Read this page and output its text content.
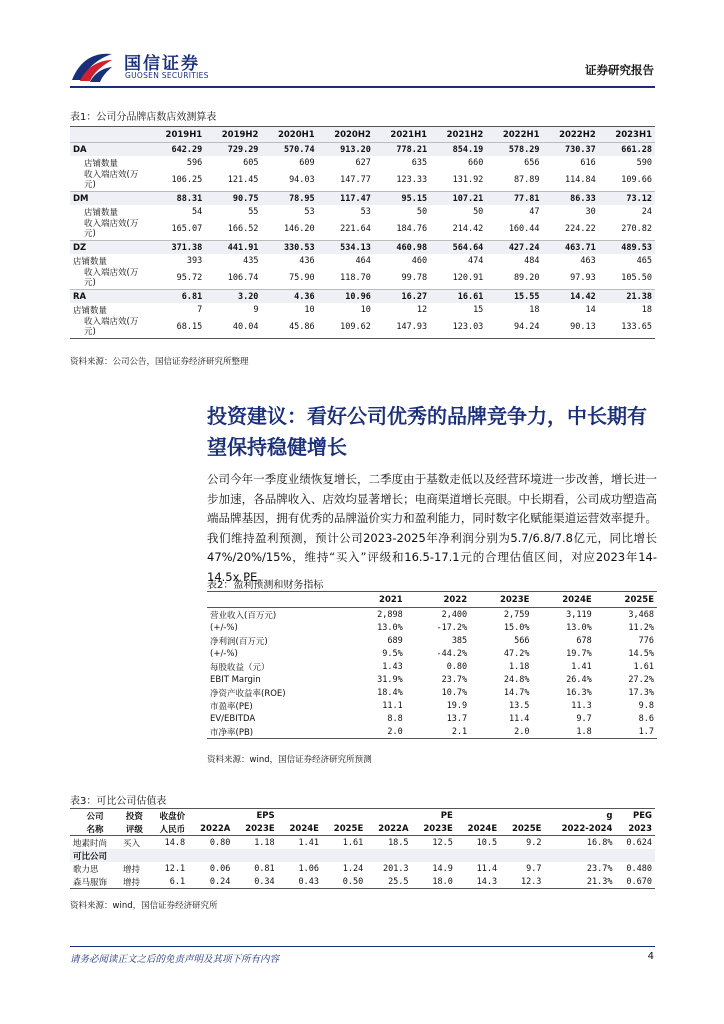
国信证券
GUOSEN SECURITIES	证券研究报告
表1：公司分品牌店数店效测算表
	2019H1	2019H2	2020H1	2020H2	2021H1	2021H2	2022H1	2022H2	2023H1
DA	642.29	729.29	570.74	913.20	778.21	854.19	578.29	730.37	661.28
店铺数量	596	605	609	627	635	660	656	616	590
收入端店效(万元)	106.25	121.45	94.03	147.77	123.33	131.92	87.89	114.84	109.66
DM	88.31	90.75	78.95	117.47	95.15	107.21	77.81	86.33	73.12
店铺数量	54	55	53	53	50	50	47	30	24
收入端店效(万元)	165.07	166.52	146.20	221.64	184.76	214.42	160.44	224.22	270.82
DZ	371.38	441.91	330.53	534.13	460.98	564.64	427.24	463.71	489.53
店铺数量	393	435	436	464	460	474	484	463	465
收入端店效(万元)	95.72	106.74	75.90	118.70	99.78	120.91	89.20	97.93	105.50
RA	6.81	3.20	4.36	10.96	16.27	16.61	15.55	14.42	21.38
店铺数量	7	9	10	10	12	15	18	14	18
收入端店效(万元)	68.15	40.04	45.86	109.62	147.93	123.03	94.24	90.13	133.65
资料来源：公司公告，国信证券经济研究所整理
投资建议：看好公司优秀的品牌竞争力，中长期有望保持稳健增长
公司今年一季度业绩恢复增长，二季度由于基数走低以及经营环境进一步改善，增长进一步加速，各品牌收入、店效均显著增长；电商渠道增长亮眼。中长期看，公司成功塑造高端品牌基因，拥有优秀的品牌溢价实力和盈利能力，同时数字化赋能渠道运营效率提升。我们维持盈利预测，预计公司2023-2025年净利润分别为5.7/6.8/7.8亿元，同比增长47%/20%/15%，维持“买入”评级和16.5-17.1元的合理估值区间，对应2023年14-14.5x PE。
表2：盈利预测和财务指标
	2021	2022	2023E	2024E	2025E
营业收入(百万元)	2,898	2,400	2,759	3,119	3,468
(+/-%)	13.0%	-17.2%	15.0%	13.0%	11.2%
净利润(百万元)	689	385	566	678	776
(+/-%)	9.5%	-44.2%	47.2%	19.7%	14.5%
每股收益（元）	1.43	0.80	1.18	1.41	1.61
EBIT Margin	31.9%	23.7%	24.8%	26.4%	27.2%
净资产收益率(ROE)	18.4%	10.7%	14.7%	16.3%	17.3%
市盈率(PE)	11.1	19.9	13.5	11.3	9.8
EV/EBITDA	8.8	13.7	11.4	9.7	8.6
市净率(PB)	2.0	2.1	2.0	1.8	1.7
资料来源：wind，国信证券经济研究所预测
表3：可比公司估值表
公司	投资	收盘价		EPS				PE			g	PEG
名称	评级	人民币	2022A	2023E	2024E	2025E	2022A	2023E	2024E	2025E	2022-2024	2023
地素时尚	买入	14.8	0.80	1.18	1.41	1.61	18.5	12.5	10.5	9.2	16.8%	0.624
可比公司												
歌力思	增持	12.1	0.06	0.81	1.06	1.24	201.3	14.9	11.4	9.7	23.7%	0.480
森马服饰	增持	6.1	0.24	0.34	0.43	0.50	25.5	18.0	14.3	12.3	21.3%	0.670
资料来源：wind，国信证券经济研究所
请务必阅读正文之后的免责声明及其项下所有内容	4
